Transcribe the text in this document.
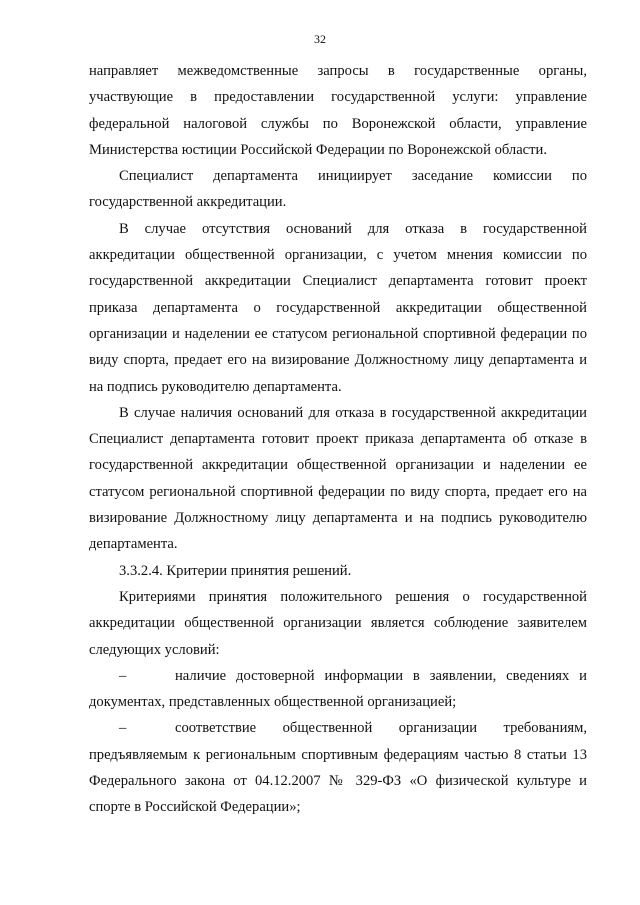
32
направляет межведомственные запросы в государственные органы,
участвующие в предоставлении государственной услуги: управление
федеральной налоговой службы по Воронежской области, управление
Министерства юстиции Российской Федерации по Воронежской области.
Специалист департамента инициирует заседание комиссии по
государственной аккредитации.
В случае отсутствия оснований для отказа в государственной
аккредитации общественной организации, с учетом мнения комиссии по
государственной аккредитации Специалист департамента готовит проект
приказа департамента о государственной аккредитации общественной
организации и наделении ее статусом региональной спортивной федерации по
виду спорта, предает его на визирование Должностному лицу департамента и
на подпись руководителю департамента.
В случае наличия оснований для отказа в государственной аккредитации
Специалист департамента готовит проект приказа департамента об отказе в
государственной аккредитации общественной организации и наделении ее
статусом региональной спортивной федерации по виду спорта, предает его на
визирование Должностному лицу департамента и на подпись руководителю
департамента.
3.3.2.4. Критерии принятия решений.
Критериями принятия положительного решения о государственной
аккредитации общественной организации является соблюдение заявителем
следующих условий:
–	наличие достоверной информации в заявлении, сведениях и
документах, представленных общественной организацией;
–	соответствие общественной организации требованиям,
предъявляемым к региональным спортивным федерациям частью 8 статьи 13
Федерального закона от 04.12.2007 № 329-ФЗ «О физической культуре и
спорте в Российской Федерации»;
